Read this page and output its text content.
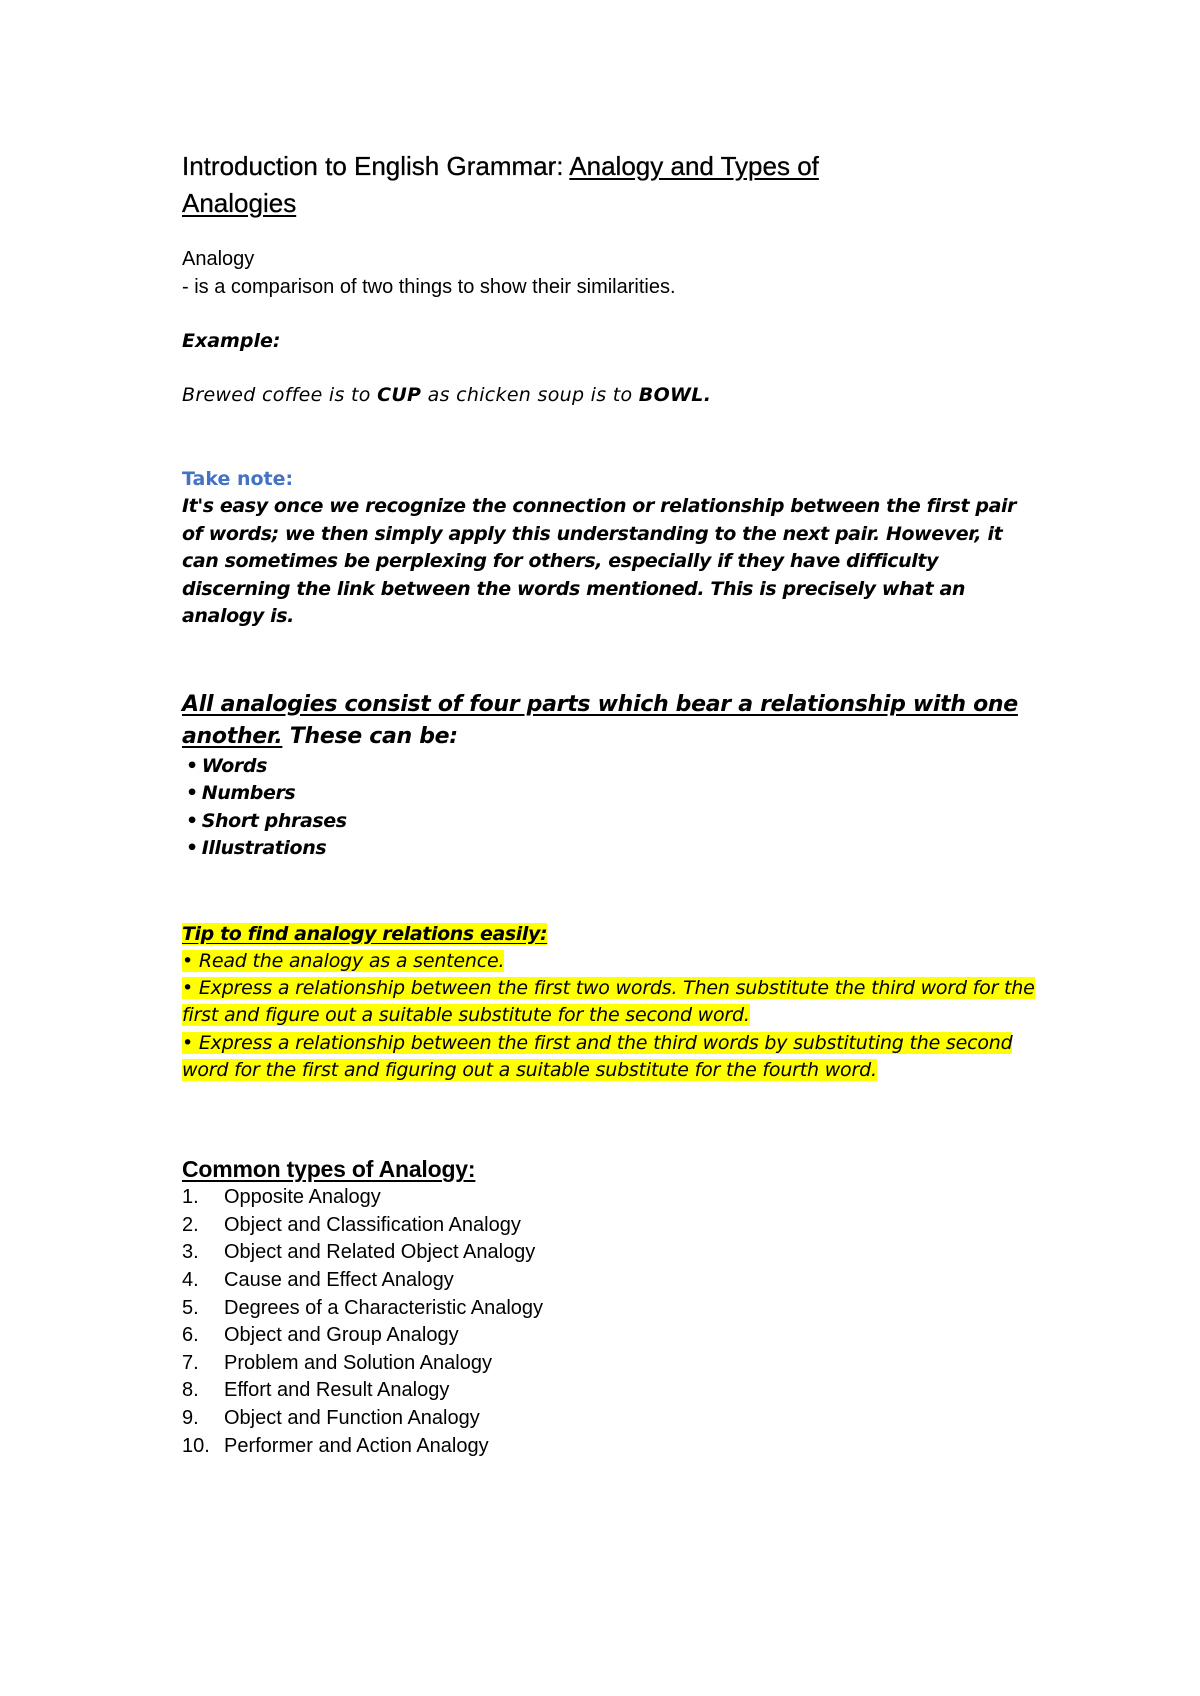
Introduction to English Grammar: Analogy and Types of
Analogies

Analogy

- is a comparison of two things to show their similarities.

Example:

Brewed coffee is to CUP as chicken soup is to BOWL.

Take note:

It's easy once we recognize the connection or relationship between the first pair of words; we then simply apply this understanding to the next pair. However, it can sometimes be perplexing for others, especially if they have difficulty discerning the link between the words mentioned. This is precisely what an analogy is.

All analogies consist of four parts which bear a relationship with one
another. These can be:

• Words
• Numbers
• Short phrases
• Illustrations
Tip to find analogy relations easily:
• Read the analogy as a sentence.
• Express a relationship between the first two words. Then substitute the third word for the first and figure out a suitable substitute for the second word.
• Express a relationship between the first and the third words by substituting the second word for the first and figuring out a suitable substitute for the fourth word.

Common types of Analogy:

1.	Opposite Analogy
2.	Object and Classification Analogy
3.	Object and Related Object Analogy
4.	Cause and Effect Analogy
5.	Degrees of a Characteristic Analogy
6.	Object and Group Analogy
7.	Problem and Solution Analogy
8.	Effort and Result Analogy
9.	Object and Function Analogy
10. Performer and Action Analogy
